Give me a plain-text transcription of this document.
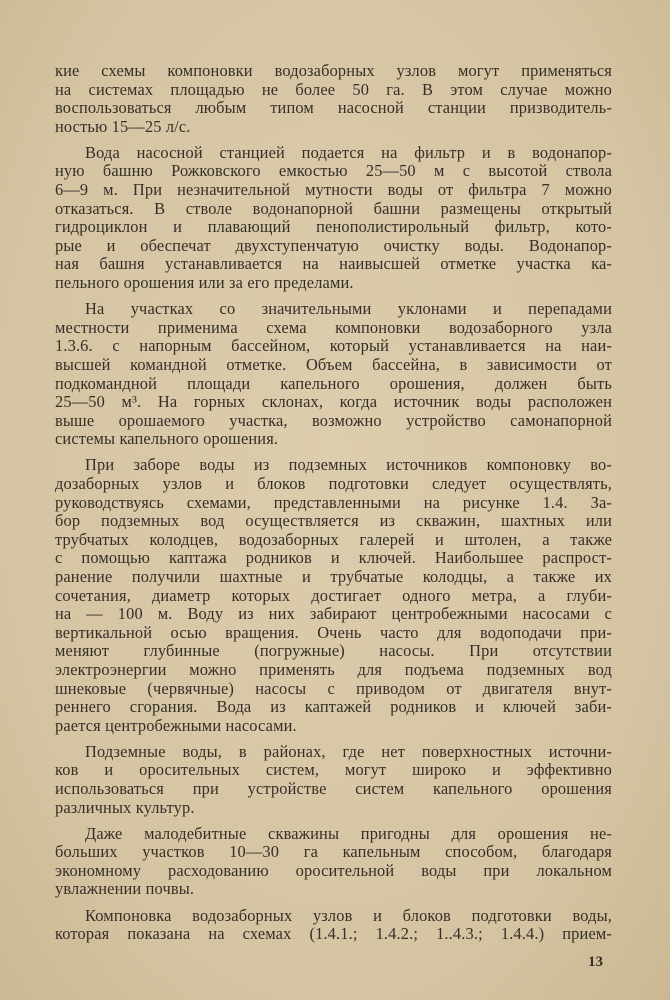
кие схемы компоновки водозаборных узлов могут применяться
на системах площадью не более 50 га. В этом случае можно
воспользоваться любым типом насосной станции призводитель-
ностью 15—25 л/с.

Вода насосной станцией подается на фильтр и в водонапор-
ную башню Рожковского емкостью 25—50 м с высотой ствола
6—9 м. При незначительной мутности воды от фильтра 7 можно
отказаться. В стволе водонапорной башни размещены открытый
гидроциклон и плавающий пенополистирольный фильтр, кото-
рые и обеспечат двухступенчатую очистку воды. Водонапор-
ная башня устанавливается на наивысшей отметке участка ка-
пельного орошения или за его пределами.

На участках со значительными уклонами и перепадами
местности применима схема компоновки водозаборного узла
1.3.6. с напорным бассейном, который устанавливается на наи-
высшей командной отметке. Объем бассейна, в зависимости от
подкомандной площади капельного орошения, должен быть
25—50 м³. На горных склонах, когда источник воды расположен
выше орошаемого участка, возможно устройство самонапорной
системы капельного орошения.

При заборе воды из подземных источников компоновку во-
дозаборных узлов и блоков подготовки следует осуществлять,
руководствуясь схемами, представленными на рисунке 1.4. За-
бор подземных вод осуществляется из скважин, шахтных или
трубчатых колодцев, водозаборных галерей и штолен, а также
с помощью каптажа родников и ключей. Наибольшее распрост-
ранение получили шахтные и трубчатые колодцы, а также их
сочетания, диаметр которых достигает одного метра, а глуби-
на — 100 м. Воду из них забирают центробежными насосами с
вертикальной осью вращения. Очень часто для водоподачи при-
меняют глубинные (погружные) насосы. При отсутствии
электроэнергии можно применять для подъема подземных вод
шнековые (червячные) насосы с приводом от двигателя внут-
реннего сгорания. Вода из каптажей родников и ключей заби-
рается центробежными насосами.

Подземные воды, в районах, где нет поверхностных источни-
ков и оросительных систем, могут широко и эффективно
использоваться при устройстве систем капельного орошения
различных культур.

Даже малодебитные скважины пригодны для орошения не-
больших участков 10—30 га капельным способом, благодаря
экономному расходованию оросительной воды при локальном
увлажнении почвы.

Компоновка водозаборных узлов и блоков подготовки воды,
которая показана на схемах (1.4.1.; 1.4.2.; 1..4.3.; 1.4.4.) прием-

13
